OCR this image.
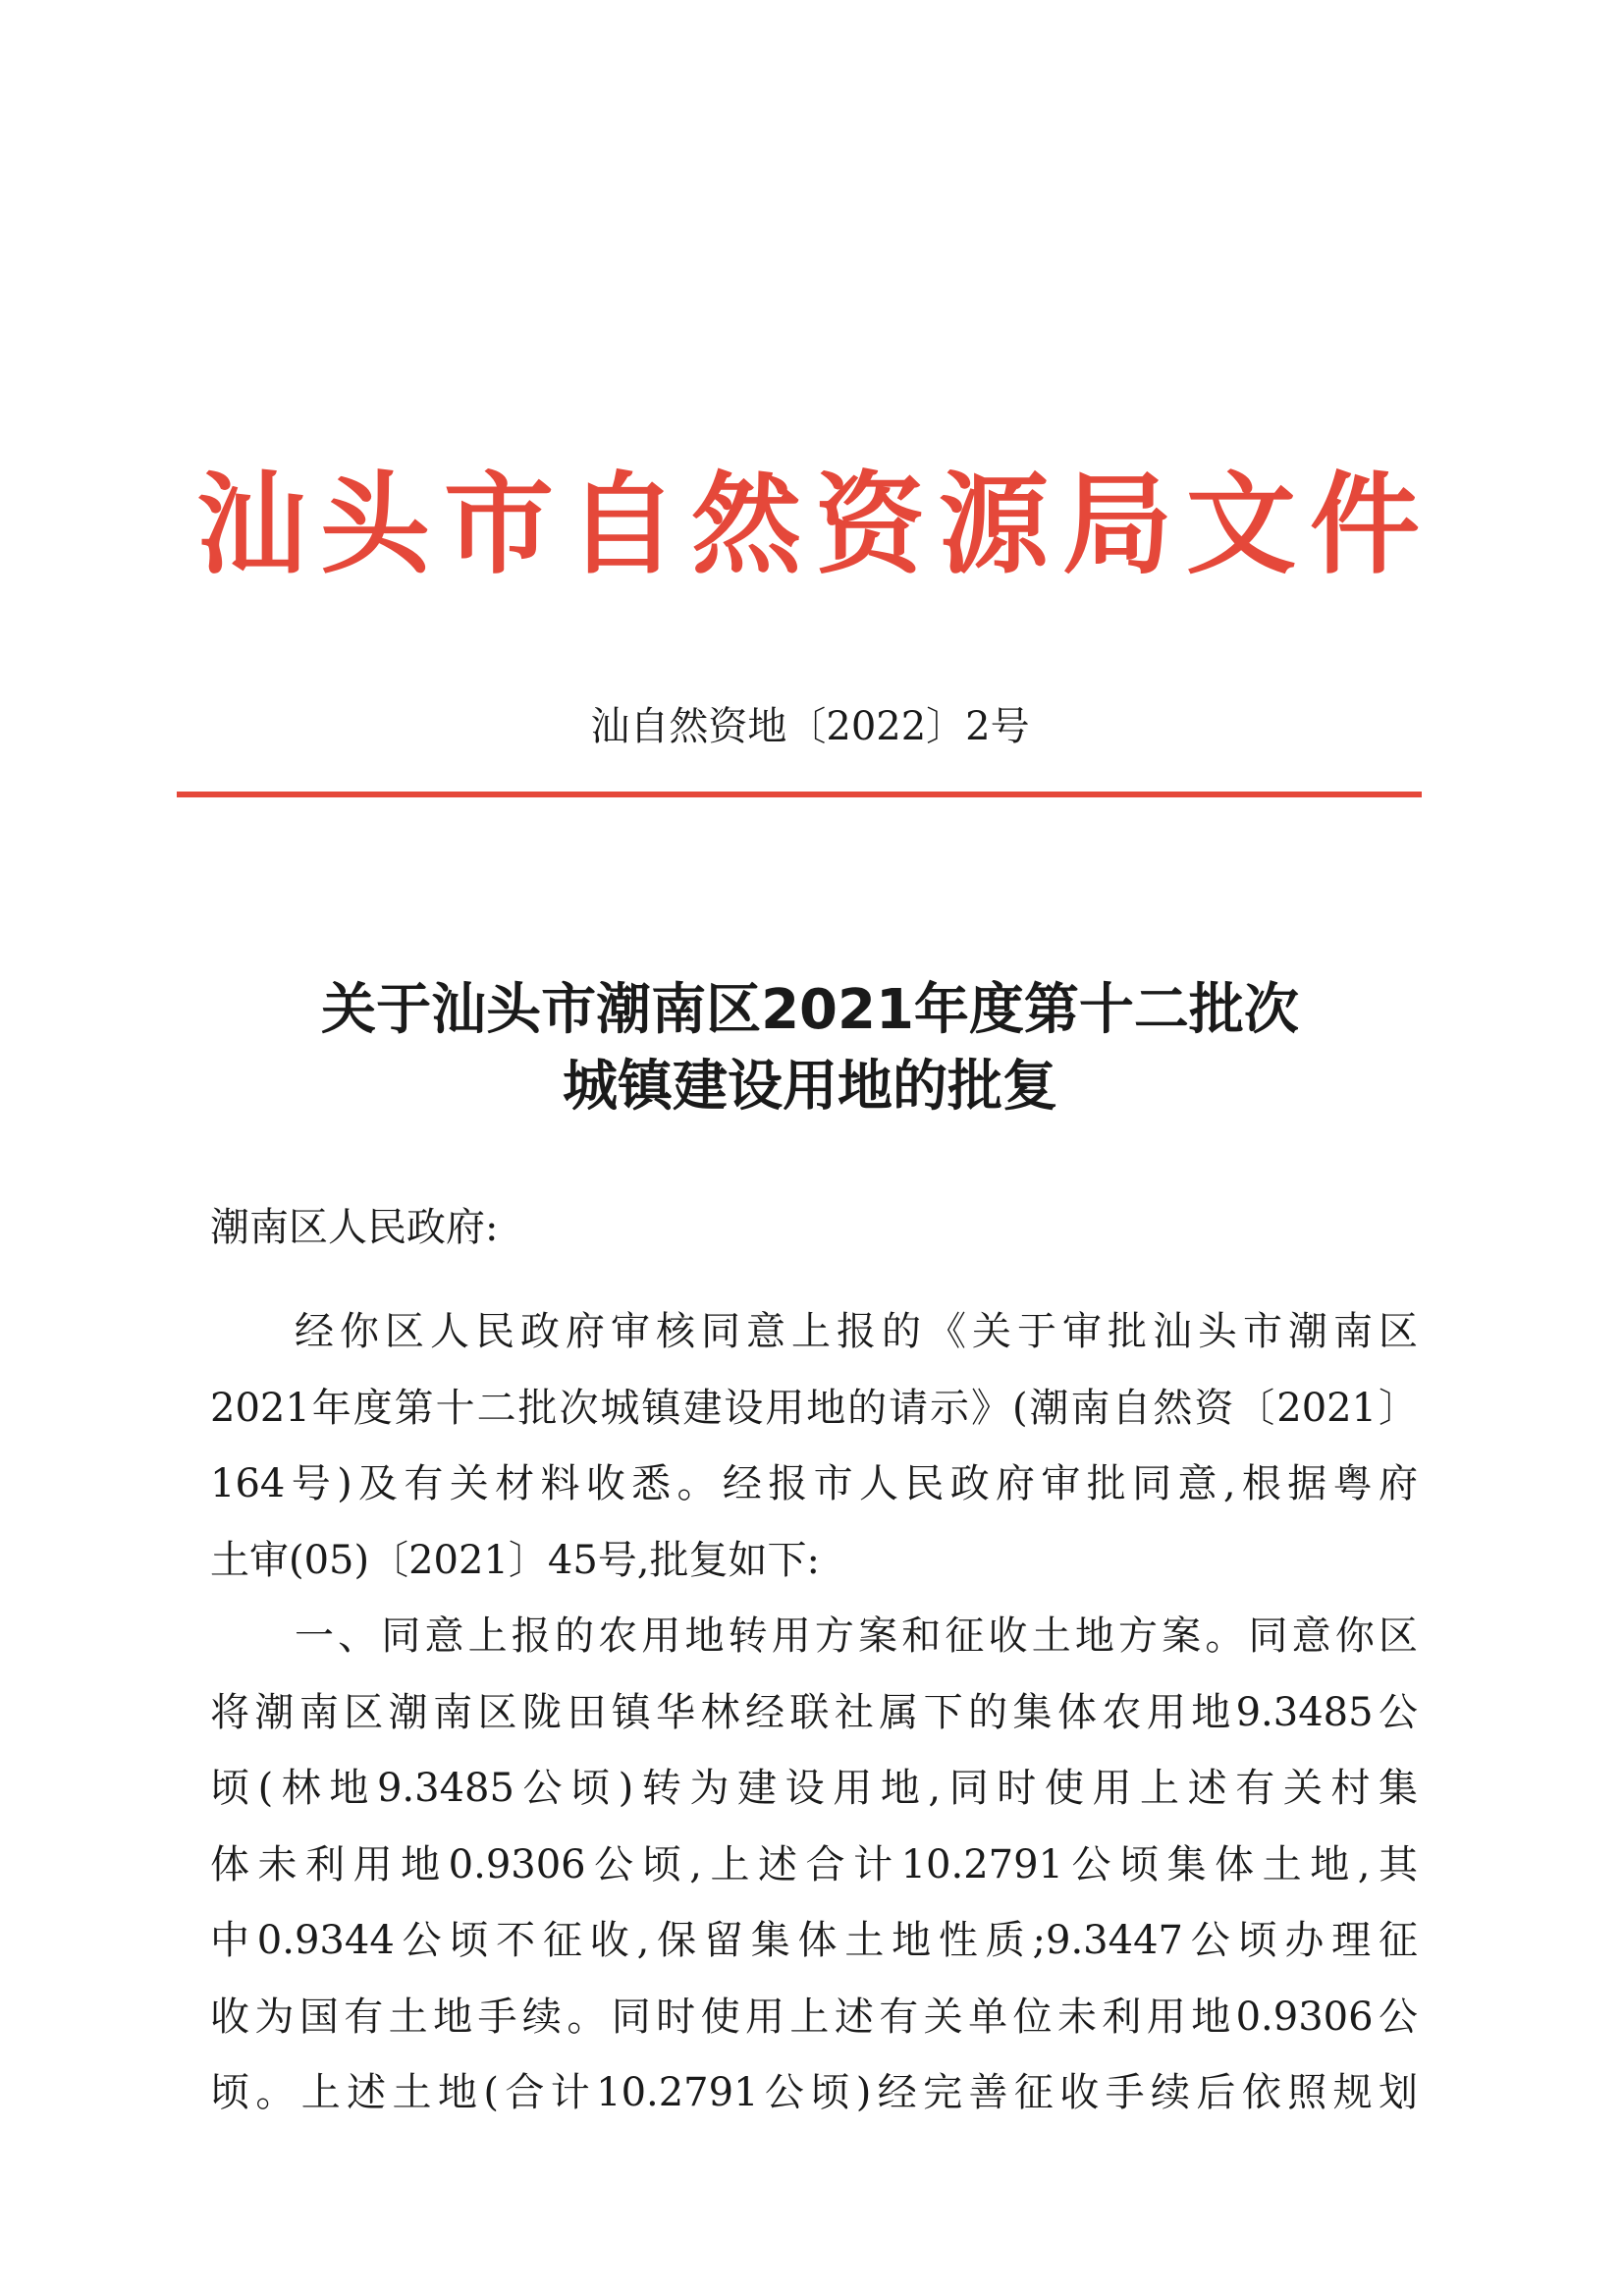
汕头市自然资源局文件
汕自然资地〔2022〕2号
关于汕头市潮南区2021年度第十二批次
城镇建设用地的批复
潮南区人民政府:
经你区人民政府审核同意上报的《关于审批汕头市潮南区
2021年度第十二批次城镇建设用地的请示》(潮南自然资〔2021〕
164号)及有关材料收悉。经报市人民政府审批同意,根据粤府
土审(05)〔2021〕45号,批复如下:
一、同意上报的农用地转用方案和征收土地方案。同意你区
将潮南区潮南区陇田镇华林经联社属下的集体农用地9.3485公
顷(林地9.3485公顷)转为建设用地,同时使用上述有关村集
体未利用地0.9306公顷,上述合计10.2791公顷集体土地,其
中0.9344公顷不征收,保留集体土地性质;9.3447公顷办理征
收为国有土地手续。同时使用上述有关单位未利用地0.9306公
顷。上述土地(合计10.2791公顷)经完善征收手续后依照规划
